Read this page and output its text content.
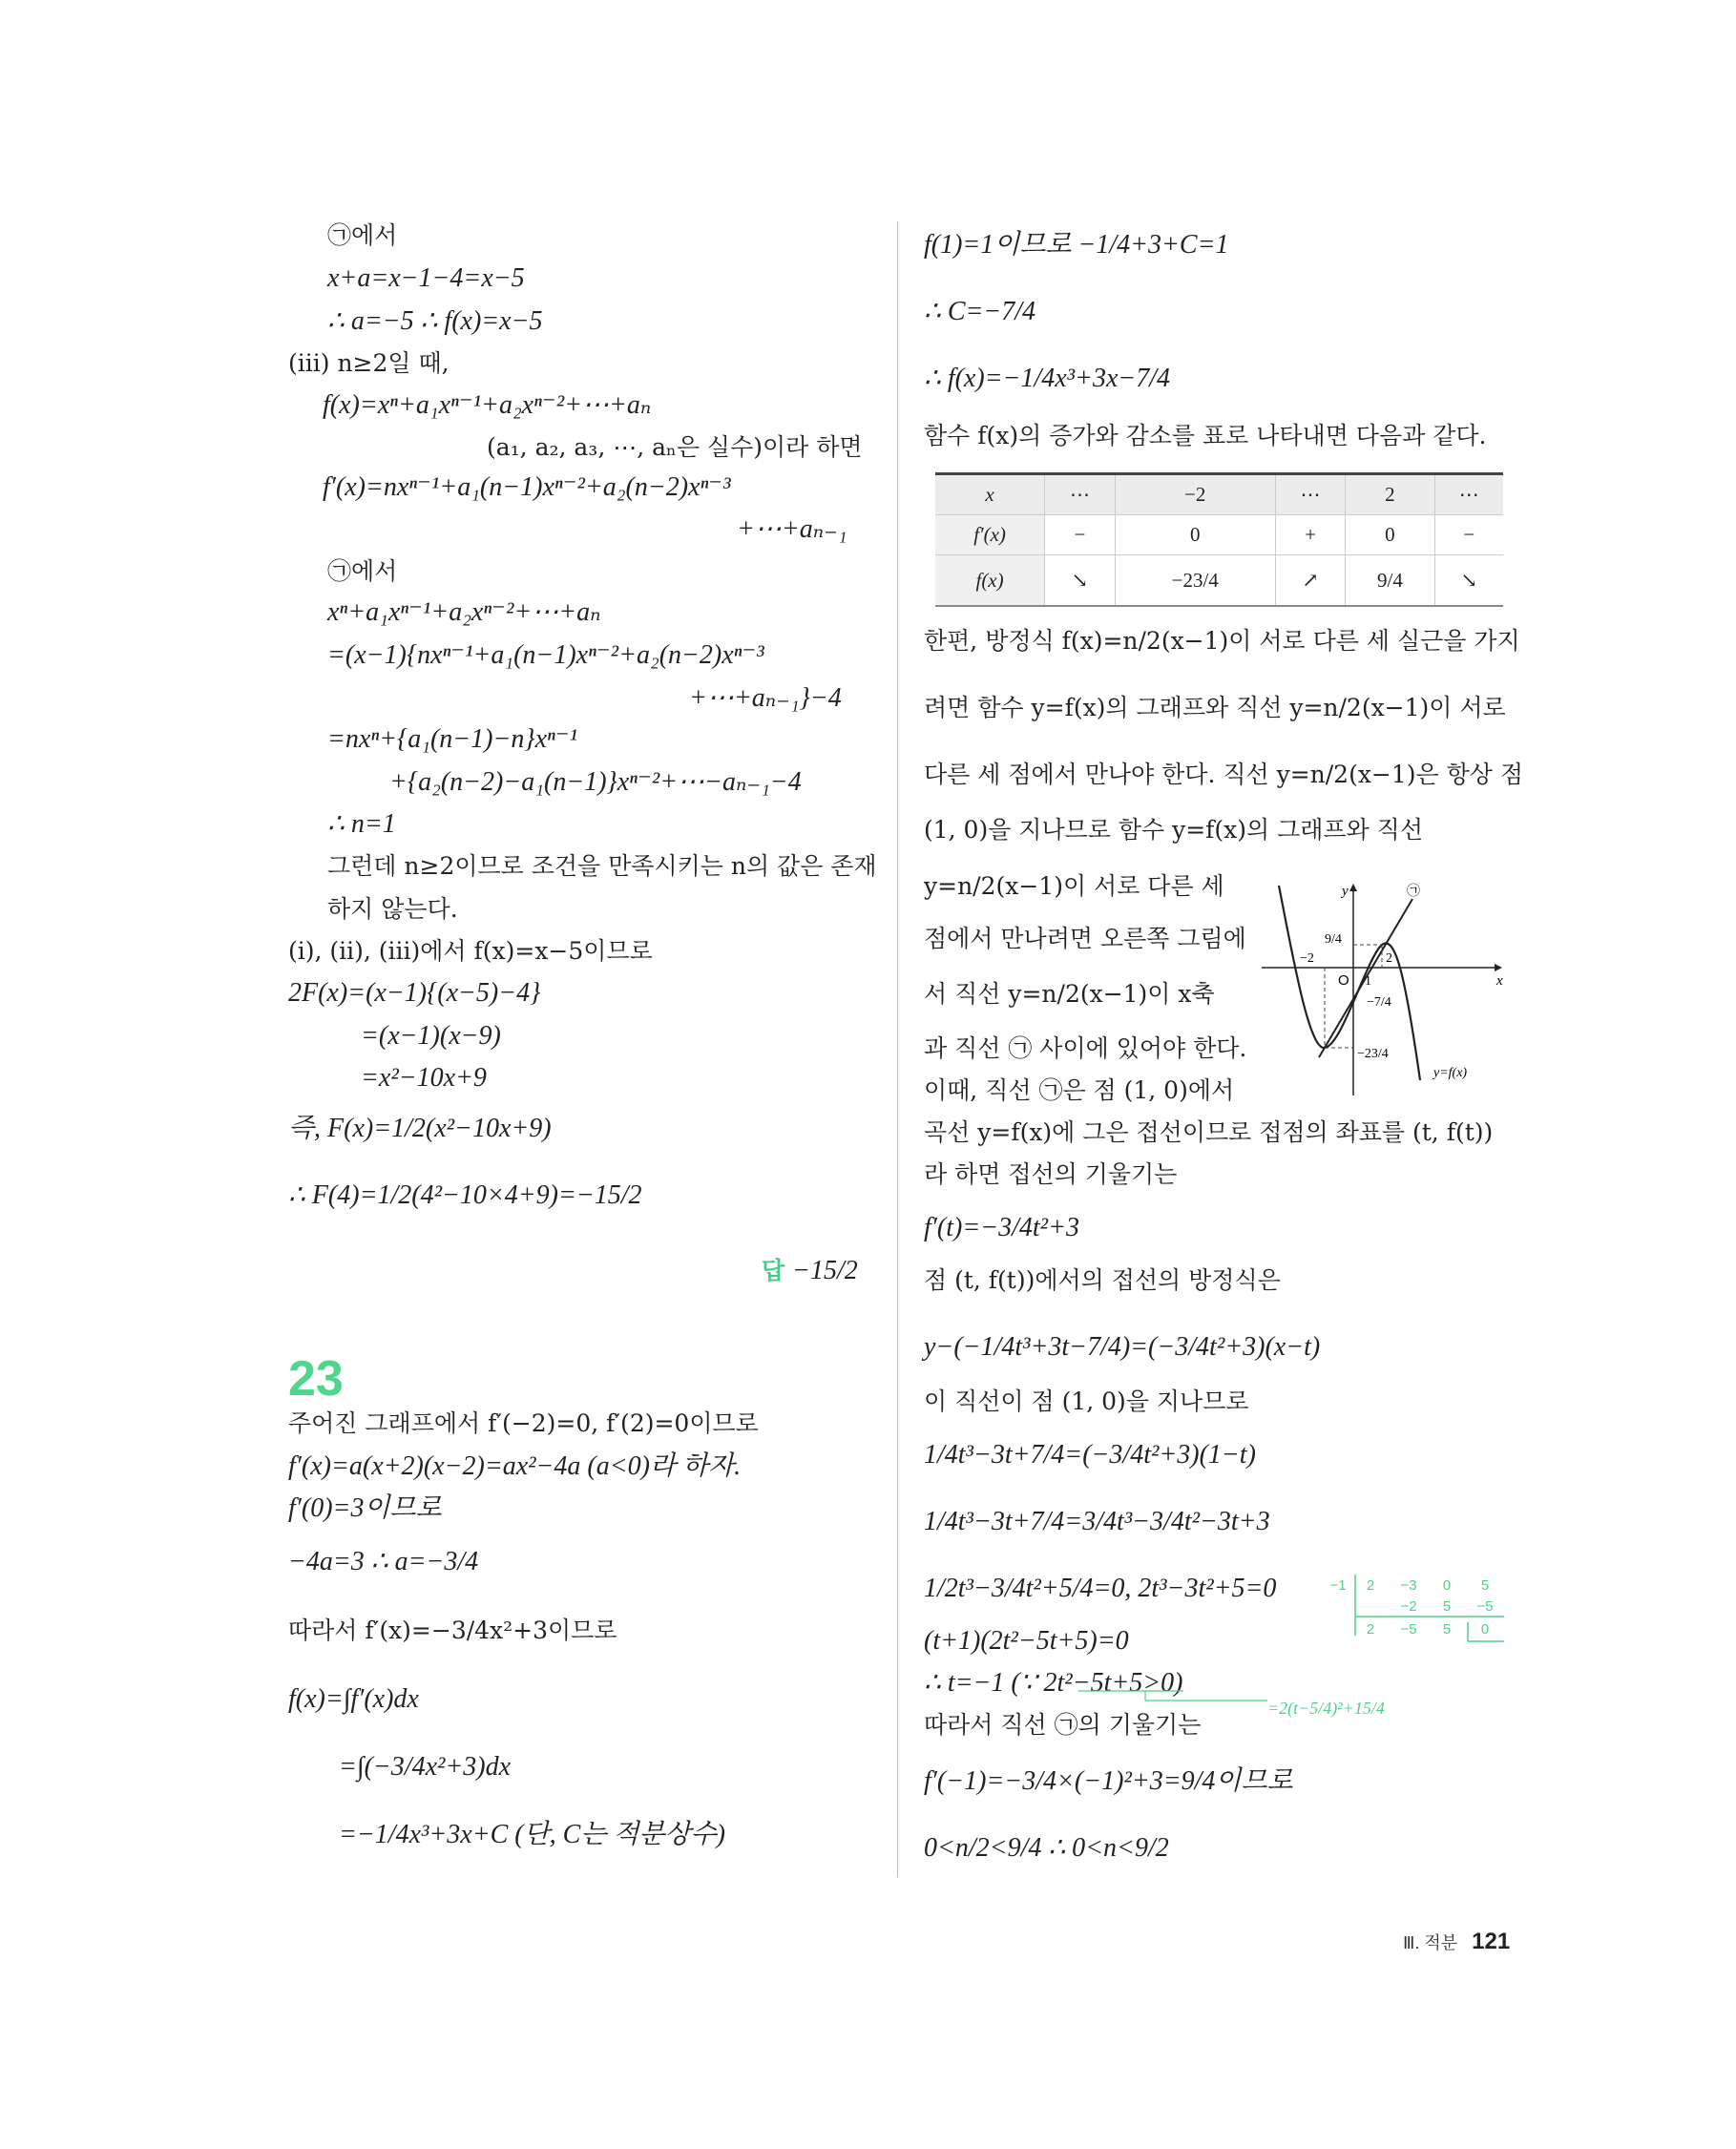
㉠에서
x+a=x−1−4=x−5
∴ a=−5 ∴ f(x)=x−5
(iii) n≥2일 때,
f(x)=xⁿ+a₁xⁿ⁻¹+a₂xⁿ⁻²+⋯+aₙ
(a₁, a₂, a₃, ⋯, aₙ은 실수)이라 하면
f′(x)=nxⁿ⁻¹+a₁(n−1)xⁿ⁻²+a₂(n−2)xⁿ⁻³
+⋯+aₙ₋₁
㉠에서
xⁿ+a₁xⁿ⁻¹+a₂xⁿ⁻²+⋯+aₙ
=(x−1){nxⁿ⁻¹+a₁(n−1)xⁿ⁻²+a₂(n−2)xⁿ⁻³
+⋯+aₙ₋₁}−4
=nxⁿ+{a₁(n−1)−n}xⁿ⁻¹
+{a₂(n−2)−a₁(n−1)}xⁿ⁻²+⋯−aₙ₋₁−4
∴ n=1
그런데 n≥2이므로 조건을 만족시키는 n의 값은 존재
하지 않는다.
(i), (ii), (iii)에서 f(x)=x−5이므로
2F(x)=(x−1){(x−5)−4}
=(x−1)(x−9)
=x²−10x+9
즉, F(x)=1/2(x²−10x+9)
∴ F(4)=1/2(4²−10×4+9)=−15/2
답 −15/2
23
주어진 그래프에서 f′(−2)=0, f′(2)=0이므로
f′(x)=a(x+2)(x−2)=ax²−4a (a<0)라 하자.
f′(0)=3이므로
−4a=3 ∴ a=−3/4
따라서 f′(x)=−3/4x²+3이므로
f(x)=∫f′(x)dx
=∫(−3/4x²+3)dx
=−1/4x³+3x+C (단, C는 적분상수)
f(1)=1이므로 −1/4+3+C=1
∴ C=−7/4
∴ f(x)=−1/4x³+3x−7/4
함수 f(x)의 증가와 감소를 표로 나타내면 다음과 같다.
x	⋯	−2	⋯	2	⋯
f′(x)	−	0	+	0	−
f(x)	↘	−23/4	↗	9/4	↘
한편, 방정식 f(x)=n/2(x−1)이 서로 다른 세 실근을 가지
려면 함수 y=f(x)의 그래프와 직선 y=n/2(x−1)이 서로
다른 세 점에서 만나야 한다. 직선 y=n/2(x−1)은 항상 점
(1, 0)을 지나므로 함수 y=f(x)의 그래프와 직선
y=n/2(x−1)이 서로 다른 세
점에서 만나려면 오른쪽 그림에
서 직선 y=n/2(x−1)이 x축
과 직선 ㉠ 사이에 있어야 한다.
이때, 직선 ㉠은 점 (1, 0)에서
곡선 y=f(x)에 그은 접선이므로 접점의 좌표를 (t, f(t))
라 하면 접선의 기울기는
f′(t)=−3/4t²+3
점 (t, f(t))에서의 접선의 방정식은
y−(−1/4t³+3t−7/4)=(−3/4t²+3)(x−t)
이 직선이 점 (1, 0)을 지나므로
1/4t³−3t+7/4=(−3/4t²+3)(1−t)
1/4t³−3t+7/4=3/4t³−3/4t²−3t+3
1/2t³−3/4t²+5/4=0, 2t³−3t²+5=0
(t+1)(2t²−5t+5)=0
∴ t=−1 (∵ 2t²−5t+5>0)
따라서 직선 ㉠의 기울기는
f′(−1)=−3/4×(−1)²+3=9/4이므로
0<n/2<9/4 ∴ 0<n<9/2
y
x
O
㉠
9/4
−2	2
1
−7/4
−23/4
y=f(x)
−1 2 −3 0 5
−2 5 −5
2 −5 5 0
=2(t−5/4)²+15/4
Ⅲ. 적분 121
